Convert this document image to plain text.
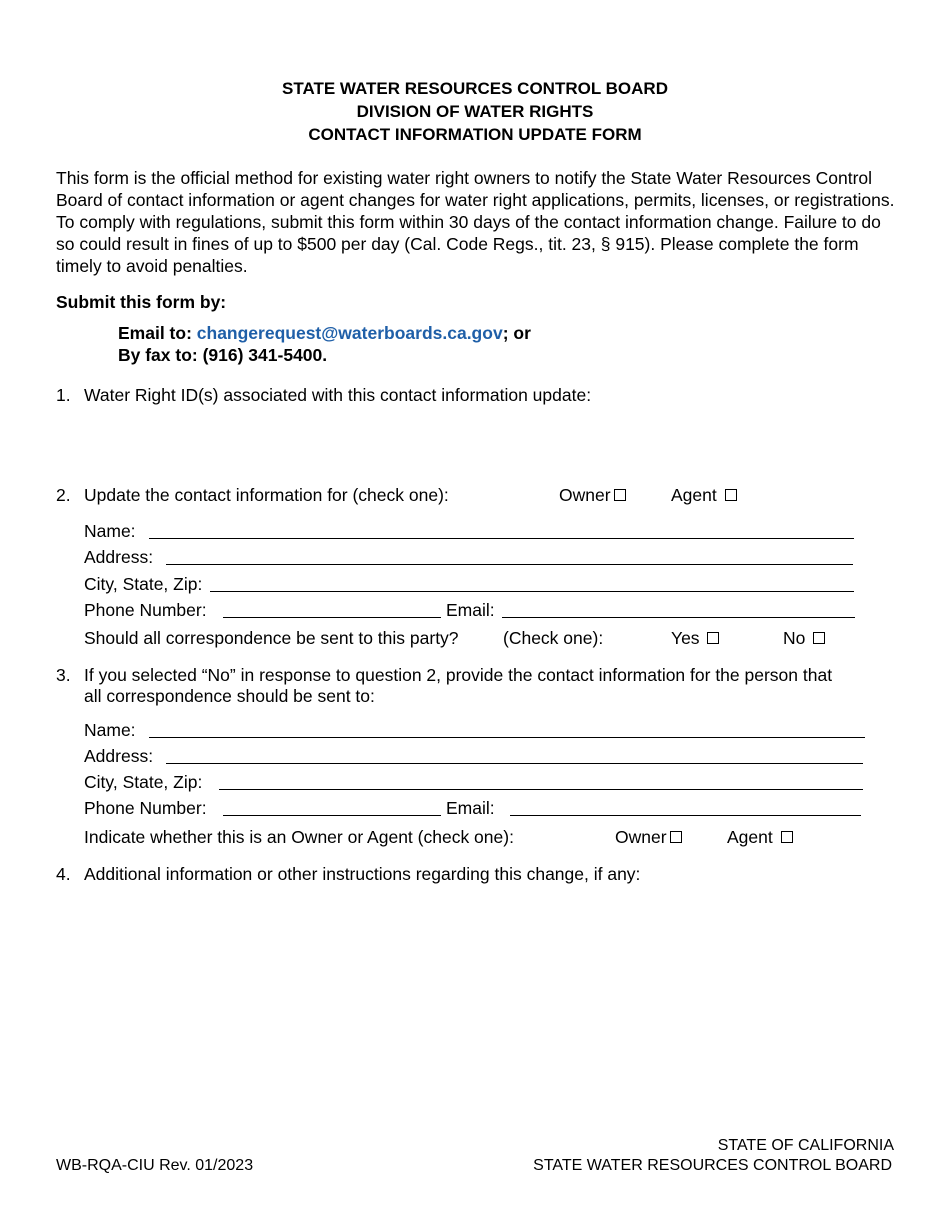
STATE WATER RESOURCES CONTROL BOARD
DIVISION OF WATER RIGHTS
CONTACT INFORMATION UPDATE FORM
This form is the official method for existing water right owners to notify the State Water Resources Control Board of contact information or agent changes for water right applications, permits, licenses, or registrations. To comply with regulations, submit this form within 30 days of the contact information change. Failure to do so could result in fines of up to $500 per day (Cal. Code Regs., tit. 23, § 915). Please complete the form timely to avoid penalties.
Submit this form by:
Email to: changerequest@waterboards.ca.gov; or
By fax to: (916) 341-5400.
1. Water Right ID(s) associated with this contact information update:
2. Update the contact information for (check one):	Owner	Agent
Name:
Address:
City, State, Zip:
Phone Number:	Email:
Should all correspondence be sent to this party?	(Check one):	Yes	No
3. If you selected “No” in response to question 2, provide the contact information for the person that
all correspondence should be sent to:
Name:
Address:
City, State, Zip:
Phone Number:	Email:
Indicate whether this is an Owner or Agent (check one):	Owner	Agent
4. Additional information or other instructions regarding this change, if any:
WB-RQA-CIU Rev. 01/2023
STATE OF CALIFORNIA
STATE WATER RESOURCES CONTROL BOARD
